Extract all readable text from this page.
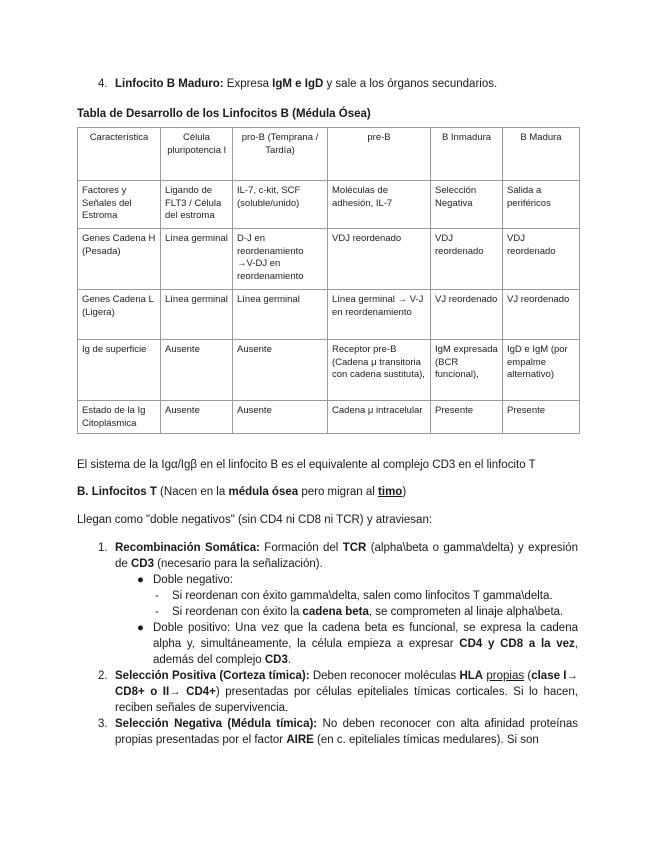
4. Linfocito B Maduro: Expresa IgM e IgD y sale a los órganos secundarios.
Tabla de Desarrollo de los Linfocitos B (Médula Ósea)
Característica	Célula pluripotencia l	pro-B (Temprana / Tardía)	pre-B	B Inmadura	B Madura
Factores y Señales del Estroma	Ligando de FLT3 / Célula del estroma	IL-7, c-kit, SCF (soluble/unido)	Moléculas de adhesión, IL-7	Selección Negativa	Salida a periféricos
Genes Cadena H (Pesada)	Línea germinal	D-J en reordenamiento →V-DJ en reordenamiento	VDJ reordenado	VDJ reordenado	VDJ reordenado
Genes Cadena L (Ligera)	Línea germinal	Línea germinal	Línea germinal → V-J en reordenamiento	VJ reordenado	VJ reordenado
Ig de superficie	Ausente	Ausente	Receptor pre-B (Cadena μ transitoria con cadena sustituta),	IgM expresada (BCR funcional),	IgD e IgM (por empalme alternativo)
Estado de la Ig Citoplásmica	Ausente	Ausente	Cadena μ intracelular	Presente	Presente
El sistema de la Igα/Igβ en el linfocito B es el equivalente al complejo CD3 en el linfocito T
B. Linfocitos T (Nacen en la médula ósea pero migran al timo)
Llegan como "doble negativos" (sin CD4 ni CD8 ni TCR) y atraviesan:
1. Recombinación Somática: Formación del TCR (alpha\beta o gamma\delta) y expresión de CD3 (necesario para la señalización).
● Doble negativo:
- Si reordenan con éxito gamma\delta, salen como linfocitos T gamma\delta.
- Si reordenan con éxito la cadena beta, se comprometen al linaje alpha\beta.
● Doble positivo: Una vez que la cadena beta es funcional, se expresa la cadena alpha y, simultáneamente, la célula empieza a expresar CD4 y CD8 a la vez, además del complejo CD3.
2. Selección Positiva (Corteza tímica): Deben reconocer moléculas HLA propias (clase I→ CD8+ o II→ CD4+) presentadas por células epiteliales tímicas corticales. Si lo hacen, reciben señales de supervivencia.
3. Selección Negativa (Médula tímica): No deben reconocer con alta afinidad proteínas propias presentadas por el factor AIRE (en c. epiteliales tímicas medulares). Si son
